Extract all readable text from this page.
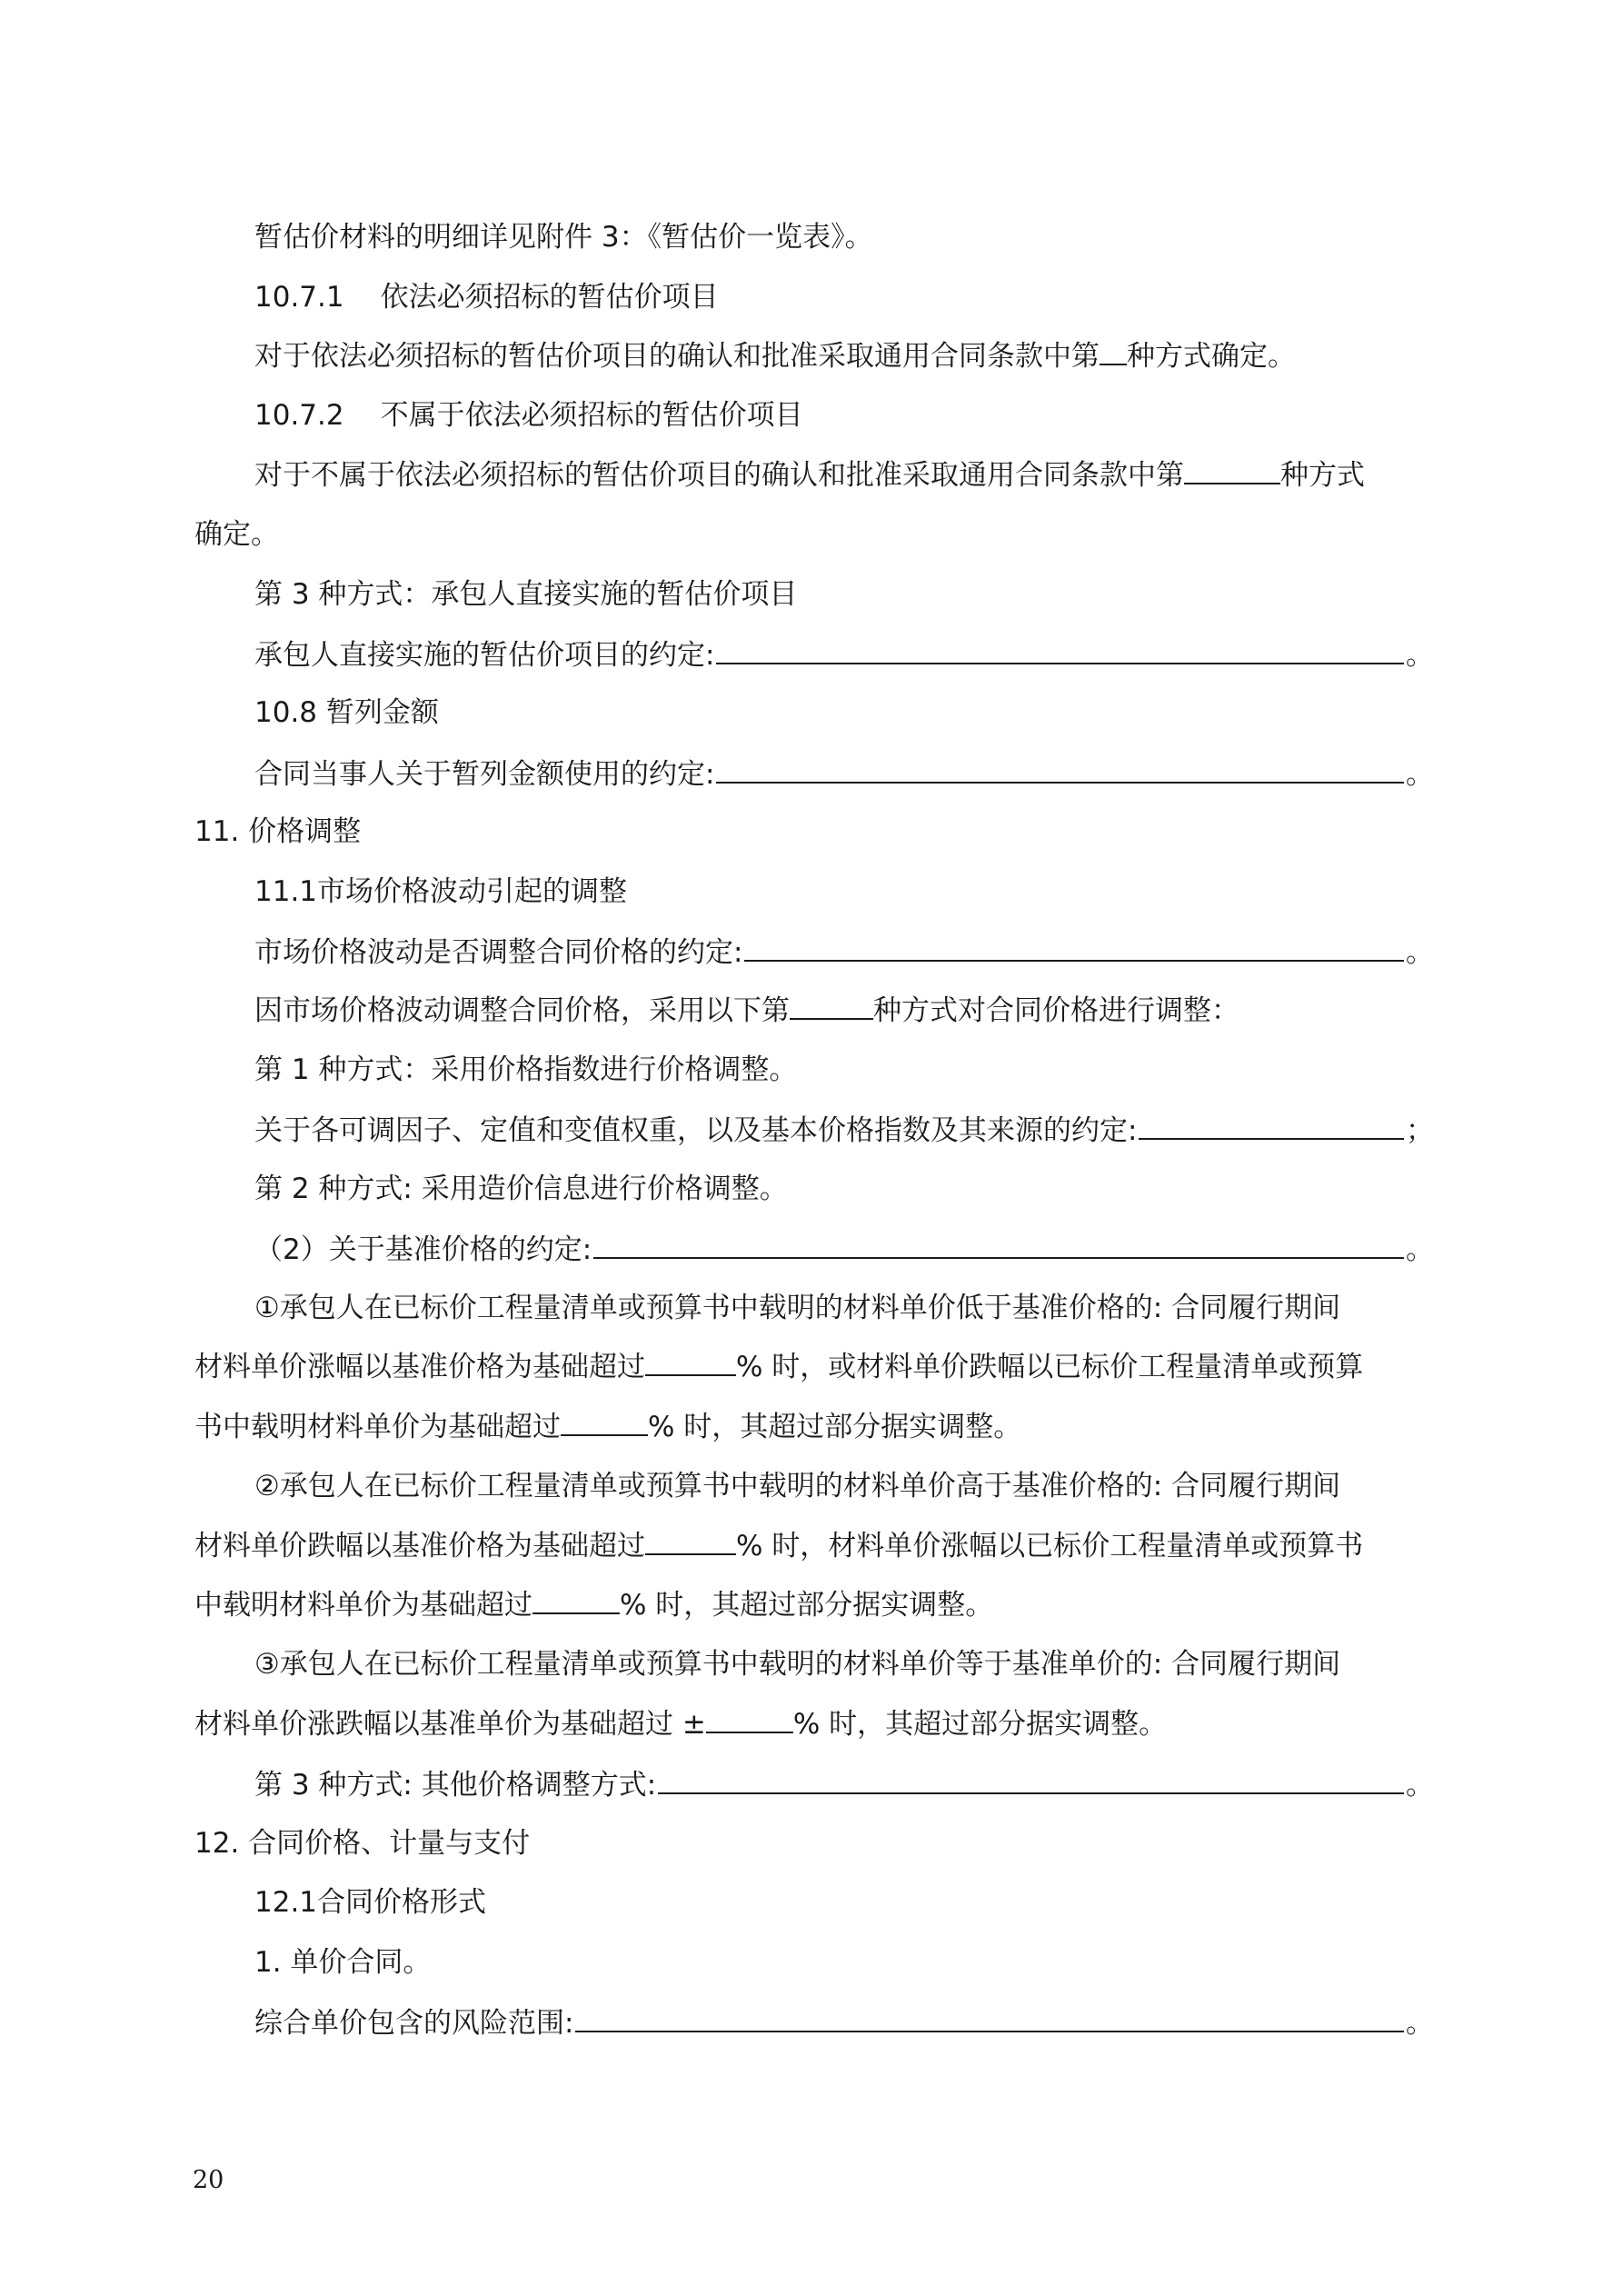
暂估价材料的明细详见附件 3：《暂估价一览表》。
10.7.1 依法必须招标的暂估价项目
对于依法必须招标的暂估价项目的确认和批准采取通用合同条款中第 种方式确定。
10.7.2 不属于依法必须招标的暂估价项目
对于不属于依法必须招标的暂估价项目的确认和批准采取通用合同条款中第	种方式
确定。
第 3 种方式：承包人直接实施的暂估价项目
承包人直接实施的暂估价项目的约定:	。
10.8 暂列金额
合同当事人关于暂列金额使用的约定:	。
11. 价格调整
11.1市场价格波动引起的调整
市场价格波动是否调整合同价格的约定:	。
因市场价格波动调整合同价格，采用以下第	种方式对合同价格进行调整：
第 1 种方式：采用价格指数进行价格调整。
关于各可调因子、定值和变值权重，以及基本价格指数及其来源的约定:	；
第 2 种方式: 采用造价信息进行价格调整。
（2）关于基准价格的约定:	。
①承包人在已标价工程量清单或预算书中载明的材料单价低于基准价格的: 合同履行期间
材料单价涨幅以基准价格为基础超过	% 时，或材料单价跌幅以已标价工程量清单或预算
书中载明材料单价为基础超过	% 时，其超过部分据实调整。
②承包人在已标价工程量清单或预算书中载明的材料单价高于基准价格的: 合同履行期间
材料单价跌幅以基准价格为基础超过	% 时，材料单价涨幅以已标价工程量清单或预算书
中载明材料单价为基础超过	% 时，其超过部分据实调整。
③承包人在已标价工程量清单或预算书中载明的材料单价等于基准单价的: 合同履行期间
材料单价涨跌幅以基准单价为基础超过 ±	% 时，其超过部分据实调整。
第 3 种方式: 其他价格调整方式:	。
12. 合同价格、计量与支付
12.1合同价格形式
1. 单价合同。
综合单价包含的风险范围:	。
20
